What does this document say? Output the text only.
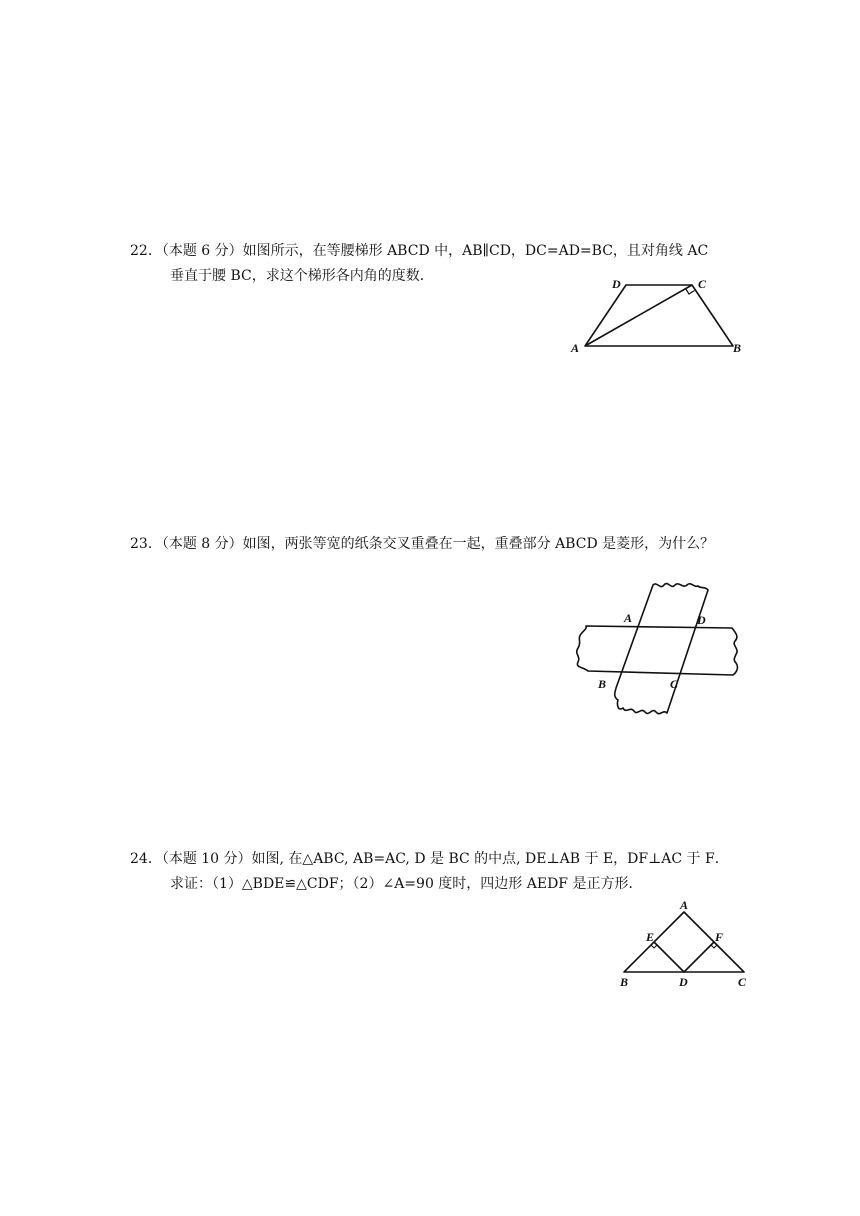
22．（本题 6 分）如图所示，在等腰梯形 ABCD 中，AB∥CD，DC=AD=BC，且对角线 AC
垂直于腰 BC，求这个梯形各内角的度数．	D	C
A	B
23．（本题 8 分）如图，两张等宽的纸条交叉重叠在一起，重叠部分 ABCD 是菱形，为什么？
A	D
B	C
24．（本题 10 分）如图, 在△ABC, AB=AC, D 是 BC 的中点, DE⊥AB 于 E，DF⊥AC 于 F．
求证：（1）△BDE≌△CDF；（2）∠A=90 度时，四边形 AEDF 是正方形．
A
E	F
B	D	C
